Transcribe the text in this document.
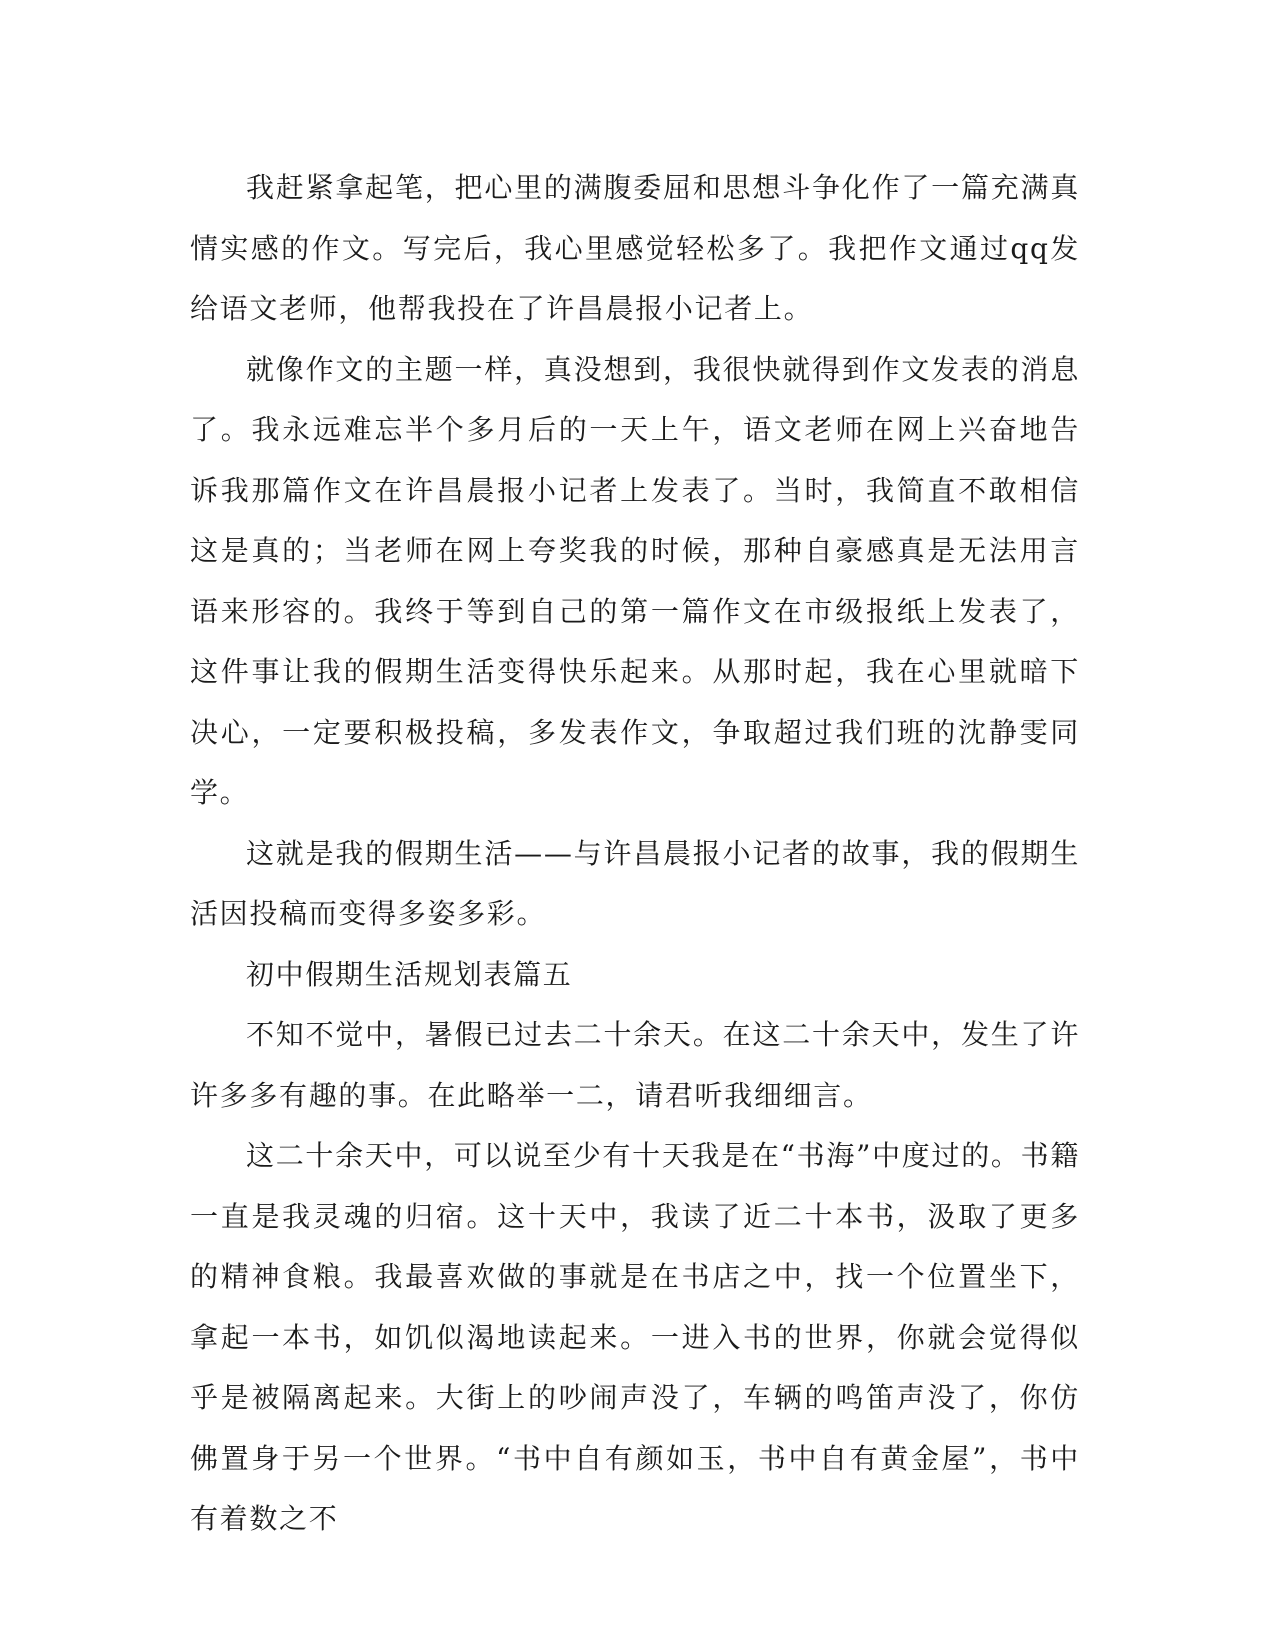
我赶紧拿起笔，把心里的满腹委屈和思想斗争化作了一篇充满真情实感的作文。写完后，我心里感觉轻松多了。我把作文通过qq发给语文老师，他帮我投在了许昌晨报小记者上。

就像作文的主题一样，真没想到，我很快就得到作文发表的消息了。我永远难忘半个多月后的一天上午，语文老师在网上兴奋地告诉我那篇作文在许昌晨报小记者上发表了。当时，我简直不敢相信这是真的；当老师在网上夸奖我的时候，那种自豪感真是无法用言语来形容的。我终于等到自己的第一篇作文在市级报纸上发表了，这件事让我的假期生活变得快乐起来。从那时起，我在心里就暗下决心，一定要积极投稿，多发表作文，争取超过我们班的沈静雯同学。

这就是我的假期生活——与许昌晨报小记者的故事，我的假期生活因投稿而变得多姿多彩。

初中假期生活规划表篇五

不知不觉中，暑假已过去二十余天。在这二十余天中，发生了许许多多有趣的事。在此略举一二，请君听我细细言。

这二十余天中，可以说至少有十天我是在“书海”中度过的。书籍一直是我灵魂的归宿。这十天中，我读了近二十本书，汲取了更多的精神食粮。我最喜欢做的事就是在书店之中，找一个位置坐下，拿起一本书，如饥似渴地读起来。一进入书的世界，你就会觉得似乎是被隔离起来。大街上的吵闹声没了，车辆的鸣笛声没了，你仿佛置身于另一个世界。“书中自有颜如玉，书中自有黄金屋”，书中有着数之不
